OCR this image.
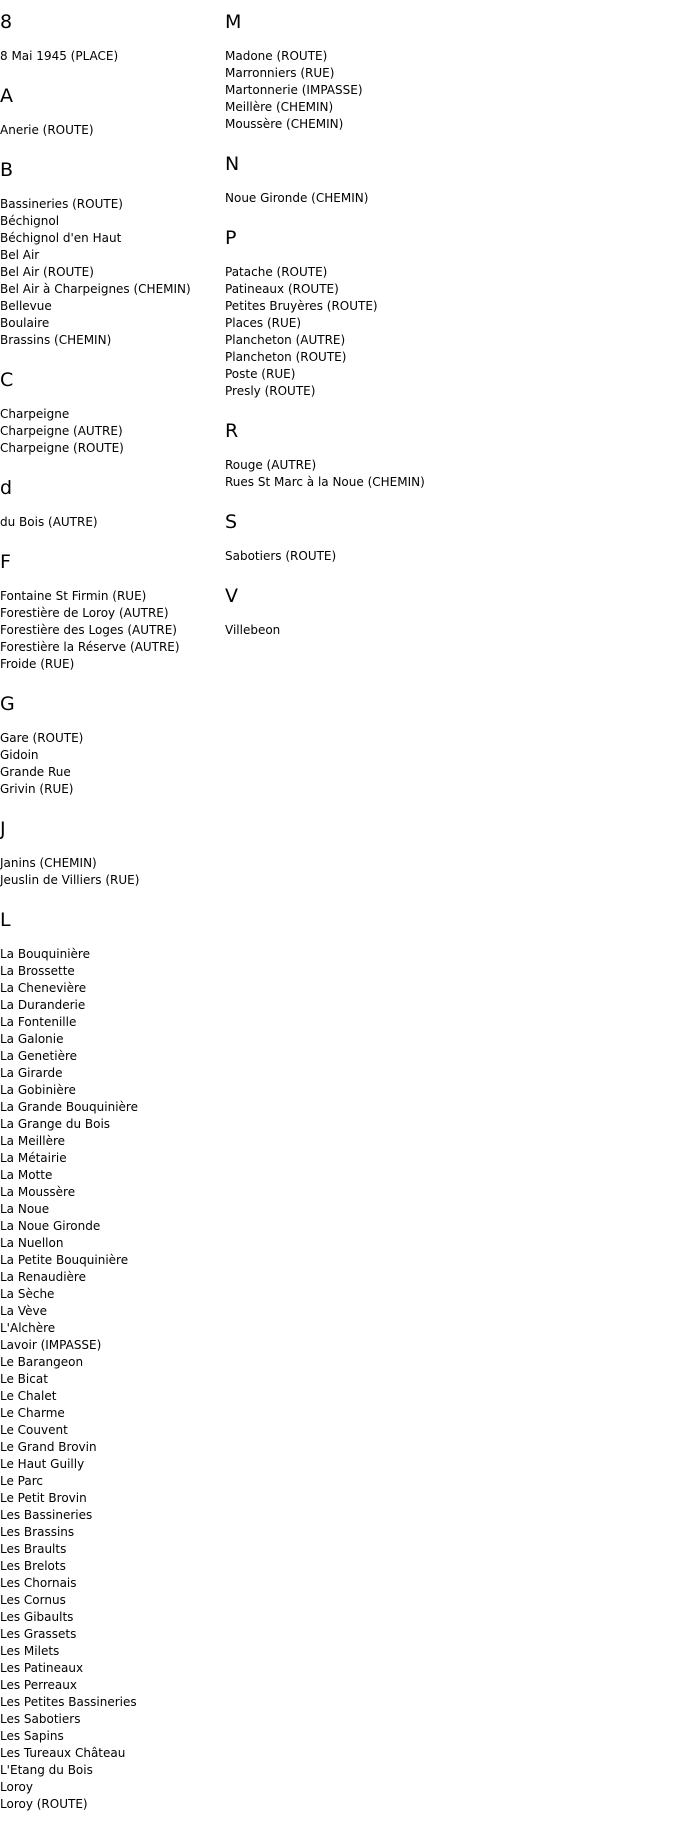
8
8 Mai 1945 (PLACE)
A
Anerie (ROUTE)
B
Bassineries (ROUTE)
Béchignol
Béchignol d'en Haut
Bel Air
Bel Air (ROUTE)
Bel Air à Charpeignes (CHEMIN)
Bellevue
Boulaire
Brassins (CHEMIN)
C
Charpeigne
Charpeigne (AUTRE)
Charpeigne (ROUTE)
d
du Bois (AUTRE)
F
Fontaine St Firmin (RUE)
Forestière de Loroy (AUTRE)
Forestière des Loges (AUTRE)
Forestière la Réserve (AUTRE)
Froide (RUE)
G
Gare (ROUTE)
Gidoin
Grande Rue
Grivin (RUE)
J
Janins (CHEMIN)
Jeuslin de Villiers (RUE)
L
La Bouquinière
La Brossette
La Chenevière
La Duranderie
La Fontenille
La Galonie
La Genetière
La Girarde
La Gobinière
La Grande Bouquinière
La Grange du Bois
La Meillère
La Métairie
La Motte
La Moussère
La Noue
La Noue Gironde
La Nuellon
La Petite Bouquinière
La Renaudière
La Sèche
La Vève
L'Alchère
Lavoir (IMPASSE)
Le Barangeon
Le Bicat
Le Chalet
Le Charme
Le Couvent
Le Grand Brovin
Le Haut Guilly
Le Parc
Le Petit Brovin
Les Bassineries
Les Brassins
Les Braults
Les Brelots
Les Chornais
Les Cornus
Les Gibaults
Les Grassets
Les Milets
Les Patineaux
Les Perreaux
Les Petites Bassineries
Les Sabotiers
Les Sapins
Les Tureaux Château
L'Etang du Bois
Loroy
Loroy (ROUTE)
M
Madone (ROUTE)
Marronniers (RUE)
Martonnerie (IMPASSE)
Meillère (CHEMIN)
Moussère (CHEMIN)
N
Noue Gironde (CHEMIN)
P
Patache (ROUTE)
Patineaux (ROUTE)
Petites Bruyères (ROUTE)
Places (RUE)
Plancheton (AUTRE)
Plancheton (ROUTE)
Poste (RUE)
Presly (ROUTE)
R
Rouge (AUTRE)
Rues St Marc à la Noue (CHEMIN)
S
Sabotiers (ROUTE)
V
Villebeon
